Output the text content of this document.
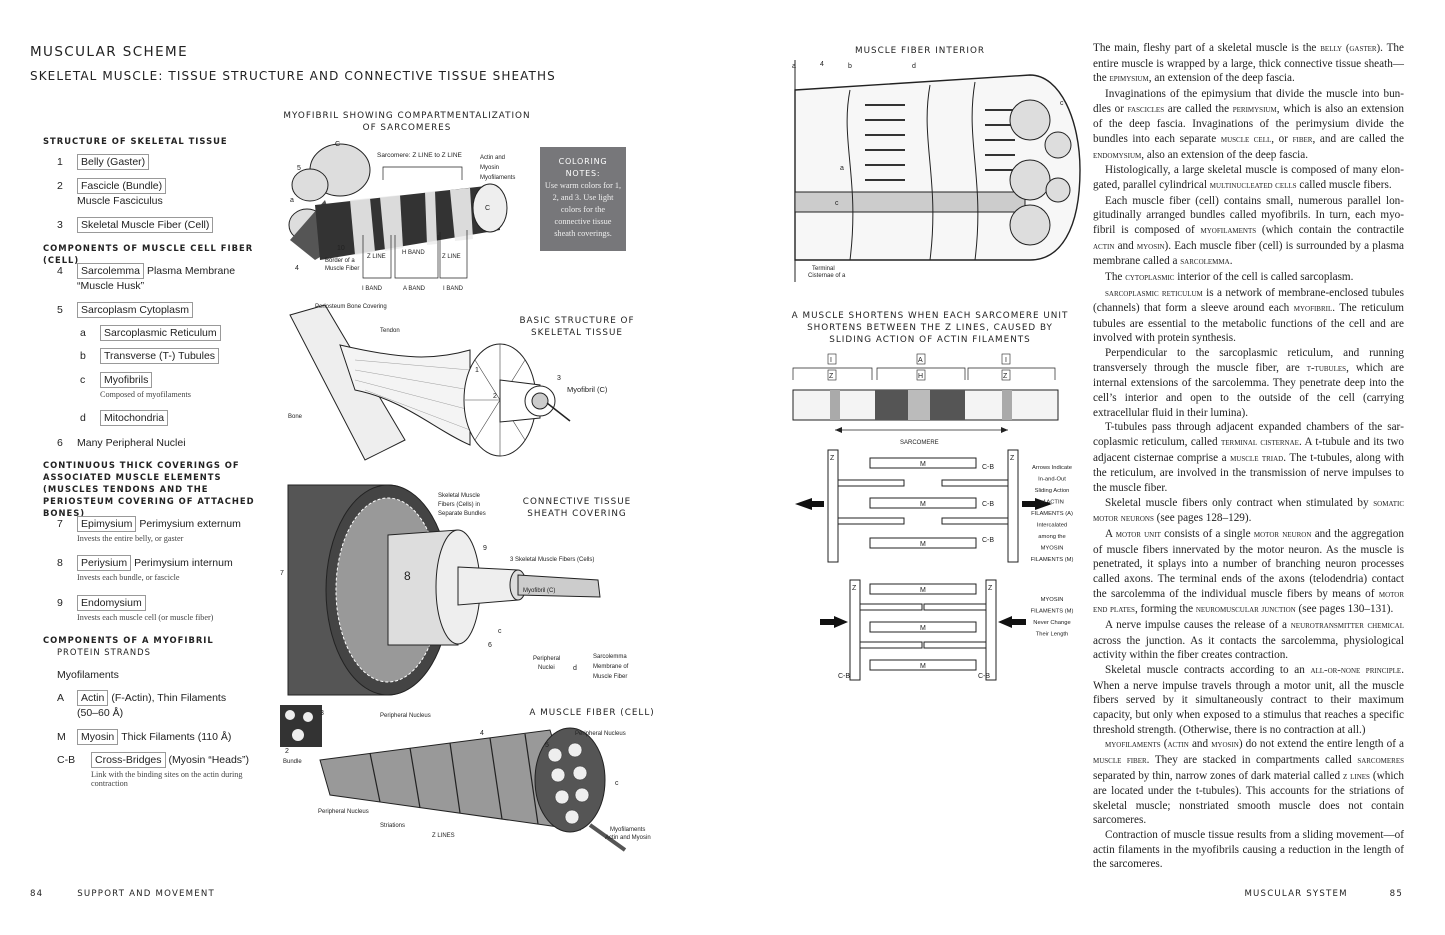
MUSCULAR SCHEME
SKELETAL MUSCLE: TISSUE STRUCTURE AND CONNECTIVE TISSUE SHEATHS
STRUCTURE OF SKELETAL TISSUE
COMPONENTS OF MUSCLE CELL FIBER (CELL)
CONTINUOUS THICK COVERINGS OF ASSOCIATED MUSCLE ELEMENTS (MUSCLES TENDONS AND THE PERIOSTEUM COVERING OF ATTACHED BONES)
COMPONENTS OF A MYOFIBRIL
PROTEIN STRANDS
1	Belly (Gaster)
2	Fascicle (Bundle)
Muscle Fasciculus
3	Skeletal Muscle Fiber (Cell)
4	Sarcolemma Plasma Membrane
“Muscle Husk”
5	Sarcoplasm Cytoplasm
a	Sarcoplasmic Reticulum
b	Transverse (T-) Tubules
c	Myofibrils
Composed of myofilaments
d	Mitochondria
6	Many Peripheral Nuclei
7	Epimysium Perimysium externum
Invests the entire belly, or gaster
8	Periysium Perimysium internum
Invests each bundle, or fascicle
9	Endomysium
Invests each muscle cell (or muscle fiber)
Myofilaments
A	Actin (F-Actin), Thin Filaments
(50–60 Å)
M	Myosin Thick Filaments (110 Å)
C-B	Cross-Bridges (Myosin “Heads”)
Link with the binding sites on the actin during contraction
COLORING NOTES:
Use warm colors for 1, 2, and 3. Use light colors for the connective tissue sheath coverings.
MYOFIBRIL SHOWING COMPARTMENTALIZATION OF SARCOMERES
BASIC STRUCTURE OF SKELETAL TISSUE
CONNECTIVE TISSUE SHEATH COVERING
A MUSCLE FIBER (CELL)
MUSCLE FIBER INTERIOR
A MUSCLE SHORTENS WHEN EACH SARCOMERE UNIT SHORTENS BETWEEN THE Z LINES, CAUSED BY SLIDING ACTION OF ACTIN FILAMENTS
C
C
5
a
4
10
Sarcomere: Z LINE to Z LINE	Actin and
Myosin
Myofilaments
Border of a
Muscle Fiber
Z LINE
H BAND
Z LINE
I BAND	A BAND	I BAND
Periosteum Bone Covering
Tendon
Bone
Myofibril (C)
1
2
3
8
Skeletal Muscle
Fibers (Cells) in
Separate Bundles
3 Skeletal Muscle Fibers (Cells)
Myofibril (C)
Peripheral
Nuclei
Sarcolemma
Membrane of
Muscle Fiber
7
9
6
c
d
Peripheral Nucleus
Peripheral Nucleus
Peripheral Nucleus
Striations
Z LINES
Bundle
Myofilaments
Actin and Myosin
2
3
4
5
c
a
a
4	b	d
c
c
Terminal
Cisternae of a
I	A	I
Z	H	Z
SARCOMERE
M
M
M
M
M
M
C-B
C-B
C-B
C-B	C-B
Z	Z
Z	Z
Arrows Indicate
In-and-Out
Sliding Action
of ACTIN
FILAMENTS (A)
Intercalated
among the
MYOSIN
FILAMENTS (M)
MYOSIN
FILAMENTS (M)
Never Change
Their Length

The main, fleshy part of a skeletal muscle is the belly (gaster). The entire muscle is wrapped by a large, thick connective tissue sheath—the epimysium, an extension of the deep fascia.

Invaginations of the epimysium that divide the muscle into bundles or fascicles are called the perimysium, which is also an extension of the deep fascia. Invaginations of the perimysium divide the bundles into each separate muscle cell, or fiber, and are called the endomysium, also an extension of the deep fascia.

Histologically, a large skeletal muscle is composed of many elongated, parallel cylindrical multinucleated cells called muscle fibers.

Each muscle fiber (cell) contains small, numerous parallel longitudinally arranged bundles called myofibrils. In turn, each myofibril is composed of myofilaments (which contain the contractile actin and myosin). Each muscle fiber (cell) is surrounded by a plasma membrane called a sarcolemma.

The cytoplasmic interior of the cell is called sarcoplasm.

sarcoplasmic reticulum is a network of membrane-enclosed tubules (channels) that form a sleeve around each myofibril. The reticulum tubules are essential to the metabolic functions of the cell and are involved with protein synthesis.

Perpendicular to the sarcoplasmic reticulum, and running transversely through the muscle fiber, are t-tubules, which are internal extensions of the sarcolemma. They penetrate deep into the cell’s interior and open to the outside of the cell (carrying extracellular fluid in their lumina).

T-tubules pass through adjacent expanded chambers of the sarcoplasmic reticulum, called terminal cisternae. A t-tubule and its two adjacent cisternae comprise a muscle triad. The t-tubules, along with the reticulum, are involved in the transmission of nerve impulses to the muscle fiber.

Skeletal muscle fibers only contract when stimulated by somatic motor neurons (see pages 128–129).

A motor unit consists of a single motor neuron and the aggregation of muscle fibers innervated by the motor neuron. As the muscle is penetrated, it splays into a number of branching neuron processes called axons. The terminal ends of the axons (telodendria) contact the sarcolemma of the individual muscle fibers by means of motor end plates, forming the neuromuscular junction (see pages 130–131).

A nerve impulse causes the release of a neurotransmitter chemical across the junction. As it contacts the sarcolemma, physiological activity within the fiber creates contraction.

Skeletal muscle contracts according to an all-or-none principle. When a nerve impulse travels through a motor unit, all the muscle fibers served by it simultaneously contract to their maximum capacity, but only when exposed to a stimulus that reaches a specific threshold strength. (Otherwise, there is no contraction at all.)

myofilaments (actin and myosin) do not extend the entire length of a muscle fiber. They are stacked in compartments called sarcomeres separated by thin, narrow zones of dark material called z lines (which are located under the t-tubules). This accounts for the striations of skeletal muscle; nonstriated smooth muscle does not contain sarcomeres.

Contraction of muscle tissue results from a sliding movement—of actin filaments in the myofibrils causing a reduction in the length of the sarcomeres.

84	SUPPORT AND MOVEMENT	MUSCULAR SYSTEM	85
